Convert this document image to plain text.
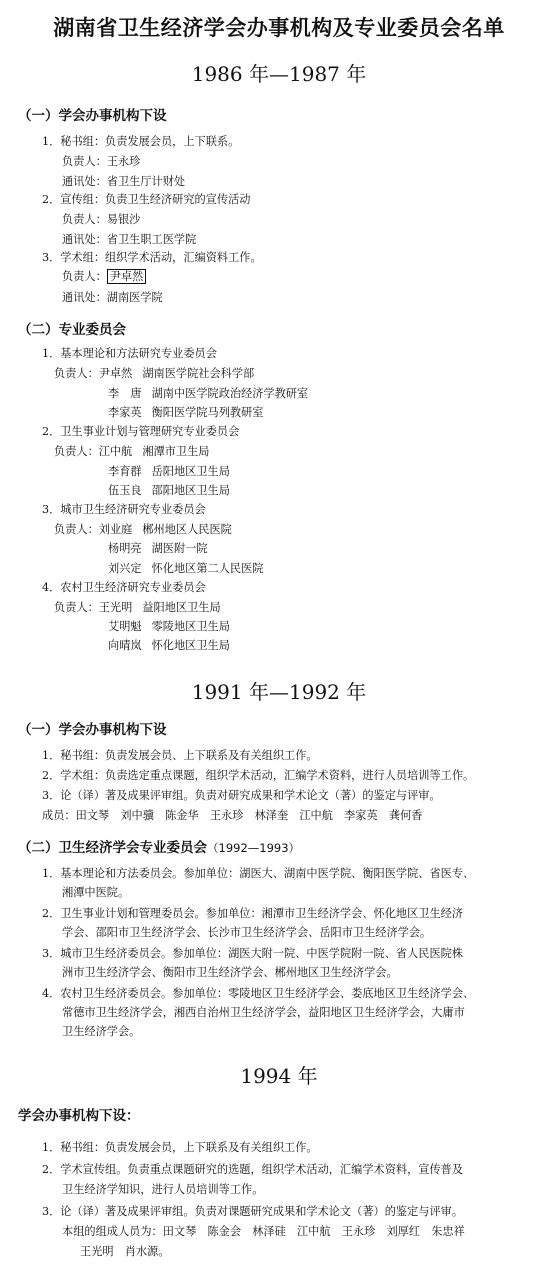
湖南省卫生经济学会办事机构及专业委员会名单
1986 年—1987 年
（一）学会办事机构下设
1．秘书组：负责发展会员，上下联系。
负责人：王永珍
通讯处：省卫生厅计财处
2．宣传组：负责卫生经济研究的宣传活动
负责人：易银沙
通讯处：省卫生职工医学院
3．学术组：组织学术活动，汇编资料工作。
负责人： 尹卓然
通讯处：湖南医学院
（二）专业委员会
1．基本理论和方法研究专业委员会
负责人：尹卓然 湖南医学院社会科学部
李　唐 湖南中医学院政治经济学教研室
李家英 衡阳医学院马列教研室
2．卫生事业计划与管理研究专业委员会
负责人：江中航 湘潭市卫生局
李育群 岳阳地区卫生局
伍玉良 邵阳地区卫生局
3．城市卫生经济研究专业委员会
负责人：刘业庭 郴州地区人民医院
杨明亮 湖医附一院
刘兴定 怀化地区第二人民医院
4．农村卫生经济研究专业委员会
负责人：王光明 益阳地区卫生局
艾明魁 零陵地区卫生局
向晴岚 怀化地区卫生局
1991 年—1992 年
（一）学会办事机构下设
1．秘书组：负责发展会员、上下联系及有关组织工作。
2．学术组：负责选定重点课题，组织学术活动，汇编学术资料，进行人员培训等工作。
3．论（译）著及成果评审组。负责对研究成果和学术论文（著）的鉴定与评审。
成员：田文琴　刘中骥　陈金华　王永珍　林泽奎　江中航　李家英　龚何香
（二）卫生经济学会专业委员会（1992—1993）
1．基本理论和方法委员会。参加单位：湖医大、湖南中医学院、衡阳医学院、省医专、
湘潭中医院。
2．卫生事业计划和管理委员会。参加单位：湘潭市卫生经济学会、怀化地区卫生经济
学会、邵阳市卫生经济学会、长沙市卫生经济学会、岳阳市卫生经济学会。
3．城市卫生经济委员会。参加单位：湖医大附一院、中医学院附一院、省人民医院株
洲市卫生经济学会、衡阳市卫生经济学会、郴州地区卫生经济学会。
4．农村卫生经济委员会。参加单位：零陵地区卫生经济学会、娄底地区卫生经济学会、
常德市卫生经济学会，湘西自治州卫生经济学会，益阳地区卫生经济学会，大庸市
卫生经济学会。
1994 年
学会办事机构下设：
1．秘书组：负责发展会员，上下联系及有关组织工作。
2．学术宣传组。负责重点课题研究的选题，组织学术活动，汇编学术资料，宣传普及
卫生经济学知识，进行人员培训等工作。
3．论（译）著及成果评审组。负责对课题研究成果和学术论文（著）的鉴定与评审。
本组的组成人员为：田文琴　陈金会　林泽硅　江中航　王永珍　刘厚红　朱忠祥
王光明　肖水源。
